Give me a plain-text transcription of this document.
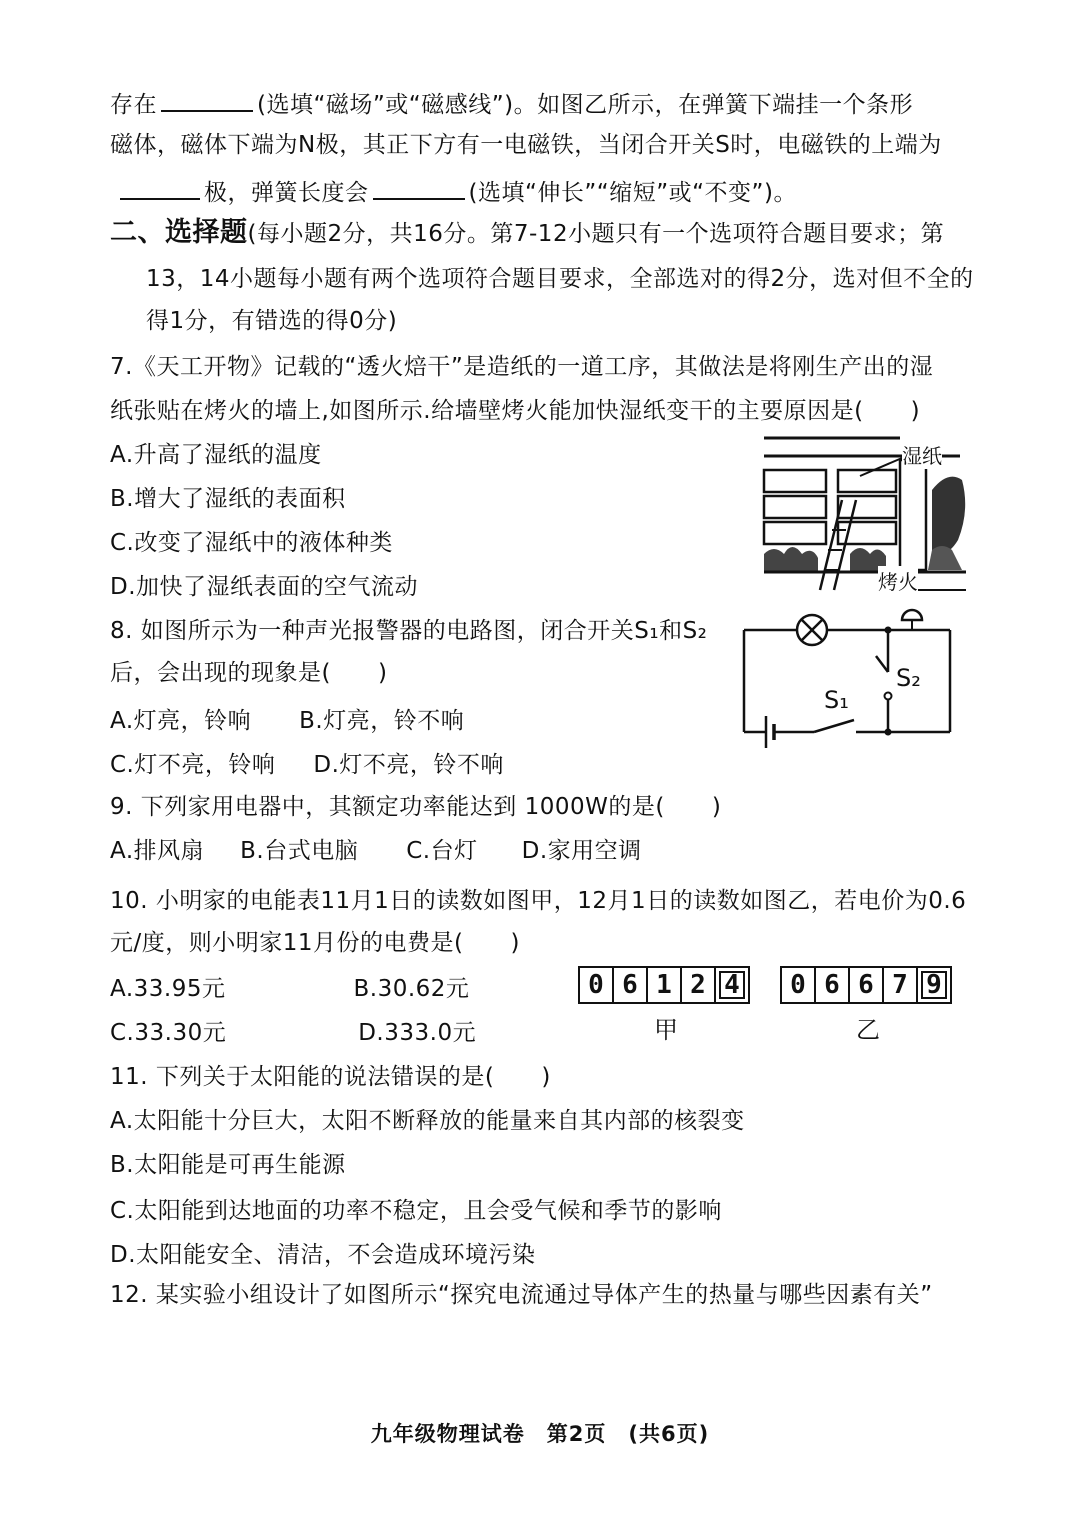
存在	(选填“磁场”或“磁感线”)。如图乙所示，在弹簧下端挂一个条形
磁体，磁体下端为N极，其正下方有一电磁铁，当闭合开关S时，电磁铁的上端为
极，弹簧长度会	(选填“伸长”“缩短”或“不变”)。
二、选择题(每小题2分，共16分。第7-12小题只有一个选项符合题目要求；第
13，14小题每小题有两个选项符合题目要求，全部选对的得2分，选对但不全的
得1分，有错选的得0分)
7.《天工开物》记载的“透火焙干”是造纸的一道工序，其做法是将刚生产出的湿
纸张贴在烤火的墙上,如图所示.给墙壁烤火能加快湿纸变干的主要原因是(　　)
A.升高了湿纸的温度
B.增大了湿纸的表面积
C.改变了湿纸中的液体种类
D.加快了湿纸表面的空气流动
湿纸
烤火
8. 如图所示为一种声光报警器的电路图，闭合开关S₁和S₂
后，会出现的现象是(　　)
A.灯亮，铃响 B.灯亮，铃不响
C.灯不亮，铃响 D.灯不亮，铃不响
S₁
S₂
9. 下列家用电器中，其额定功率能达到 1000W的是(　　)
A.排风扇 B.台式电脑 C.台灯 D.家用空调
10. 小明家的电能表11月1日的读数如图甲，12月1日的读数如图乙，若电价为0.6
元/度，则小明家11月份的电费是(　　)
A.33.95元	B.30.62元
C.33.30元	D.333.0元
0 6 1 2 4
甲
0 6 6 7 9
乙
11. 下列关于太阳能的说法错误的是(　　)
A.太阳能十分巨大，太阳不断释放的能量来自其内部的核裂变
B.太阳能是可再生能源
C.太阳能到达地面的功率不稳定，且会受气候和季节的影响
D.太阳能安全、清洁，不会造成环境污染
12. 某实验小组设计了如图所示“探究电流通过导体产生的热量与哪些因素有关”
九年级物理试卷　第2页　(共6页)
